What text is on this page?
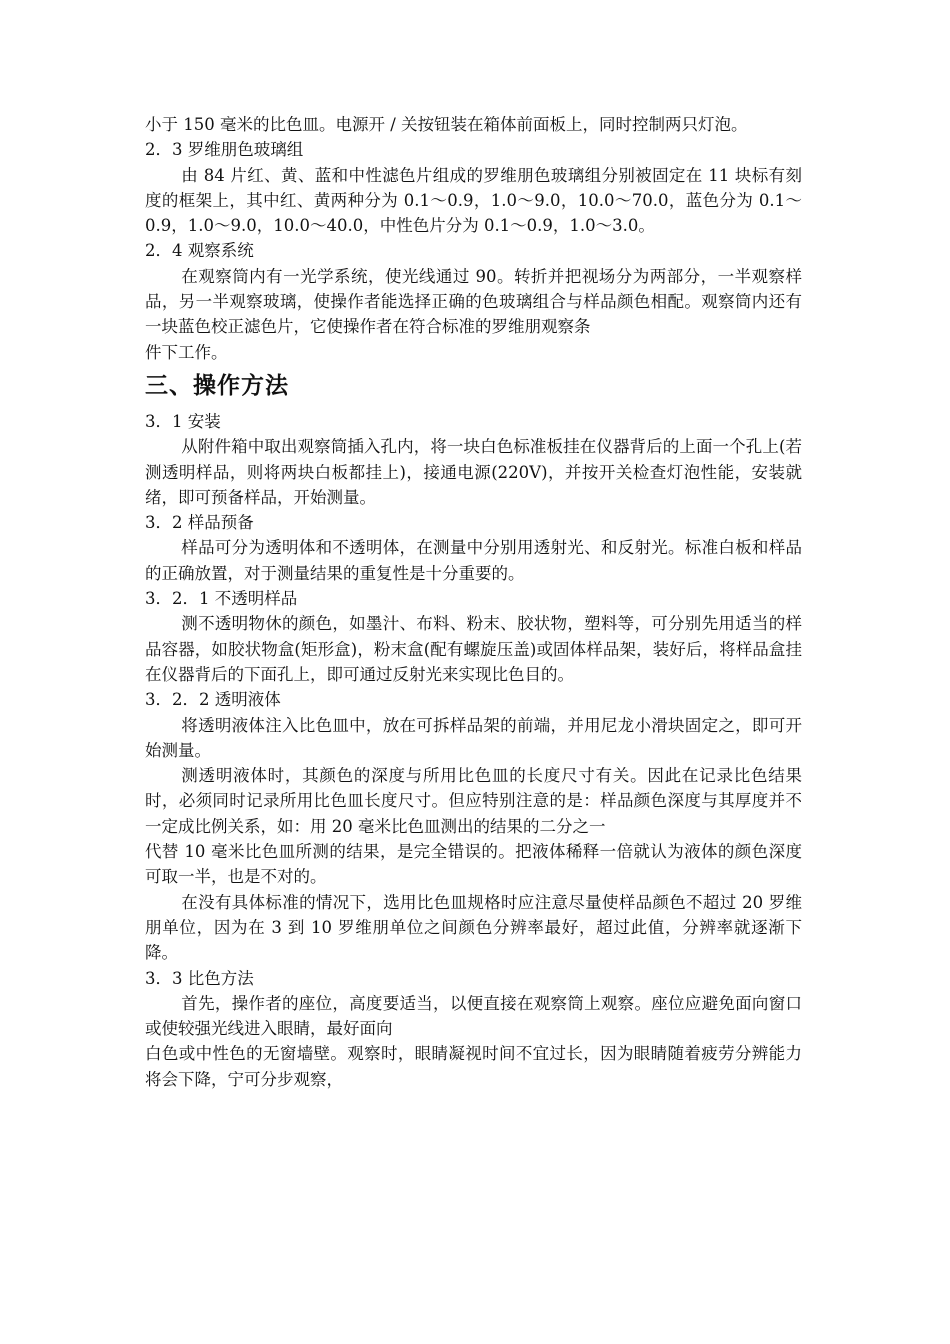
小于 150 毫米的比色皿。电源开 / 关按钮装在箱体前面板上，同时控制两只灯泡。
2．3 罗维朋色玻璃组
由 84 片红、黄、蓝和中性滤色片组成的罗维朋色玻璃组分别被固定在 11 块标有刻度的框架上，其中红、黄两种分为 0.1～0.9，1.0～9.0，10.0～70.0，蓝色分为 0.1～0.9，1.0～9.0，10.0～40.0，中性色片分为 0.1～0.9，1.0～3.0。
2．4 观察系统
在观察筒内有一光学系统，使光线通过 90。转折并把视场分为两部分，一半观察样品，另一半观察玻璃，使操作者能选择正确的色玻璃组合与样品颜色相配。观察筒内还有一块蓝色校正滤色片，它使操作者在符合标准的罗维朋观察条
件下工作。
三、操作方法
3．1 安装
从附件箱中取出观察筒插入孔内，将一块白色标准板挂在仪器背后的上面一个孔上(若测透明样品，则将两块白板都挂上)，接通电源(220V)，并按开关检查灯泡性能，安装就绪，即可预备样品，开始测量。
3．2 样品预备
样品可分为透明体和不透明体，在测量中分别用透射光、和反射光。标准白板和样品的正确放置，对于测量结果的重复性是十分重要的。
3．2．1 不透明样品
测不透明物休的颜色，如墨汁、布料、粉末、胶状物，塑料等，可分别先用适当的样品容器，如胶状物盒(矩形盒)，粉末盒(配有螺旋压盖)或固体样品架，装好后，将样品盒挂在仪器背后的下面孔上，即可通过反射光来实现比色目的。
3．2．2 透明液体
将透明液体注入比色皿中，放在可拆样品架的前端，并用尼龙小滑块固定之，即可开始测量。
测透明液体时，其颜色的深度与所用比色皿的长度尺寸有关。因此在记录比色结果时，必须同时记录所用比色皿长度尺寸。但应特别注意的是：样品颜色深度与其厚度并不一定成比例关系，如：用 20 毫米比色皿测出的结果的二分之一
代替 10 毫米比色皿所测的结果，是完全错误的。把液体稀释一倍就认为液体的颜色深度可取一半，也是不对的。
在没有具体标准的情况下，选用比色皿规格时应注意尽量使样品颜色不超过 20 罗维朋单位，因为在 3 到 10 罗维朋单位之间颜色分辨率最好，超过此值，分辨率就逐渐下降。
3．3 比色方法
首先，操作者的座位，高度要适当，以便直接在观察筒上观察。座位应避免面向窗口或使较强光线进入眼睛，最好面向
白色或中性色的无窗墙壁。观察时，眼睛凝视时间不宜过长，因为眼睛随着疲劳分辨能力将会下降，宁可分步观察，
